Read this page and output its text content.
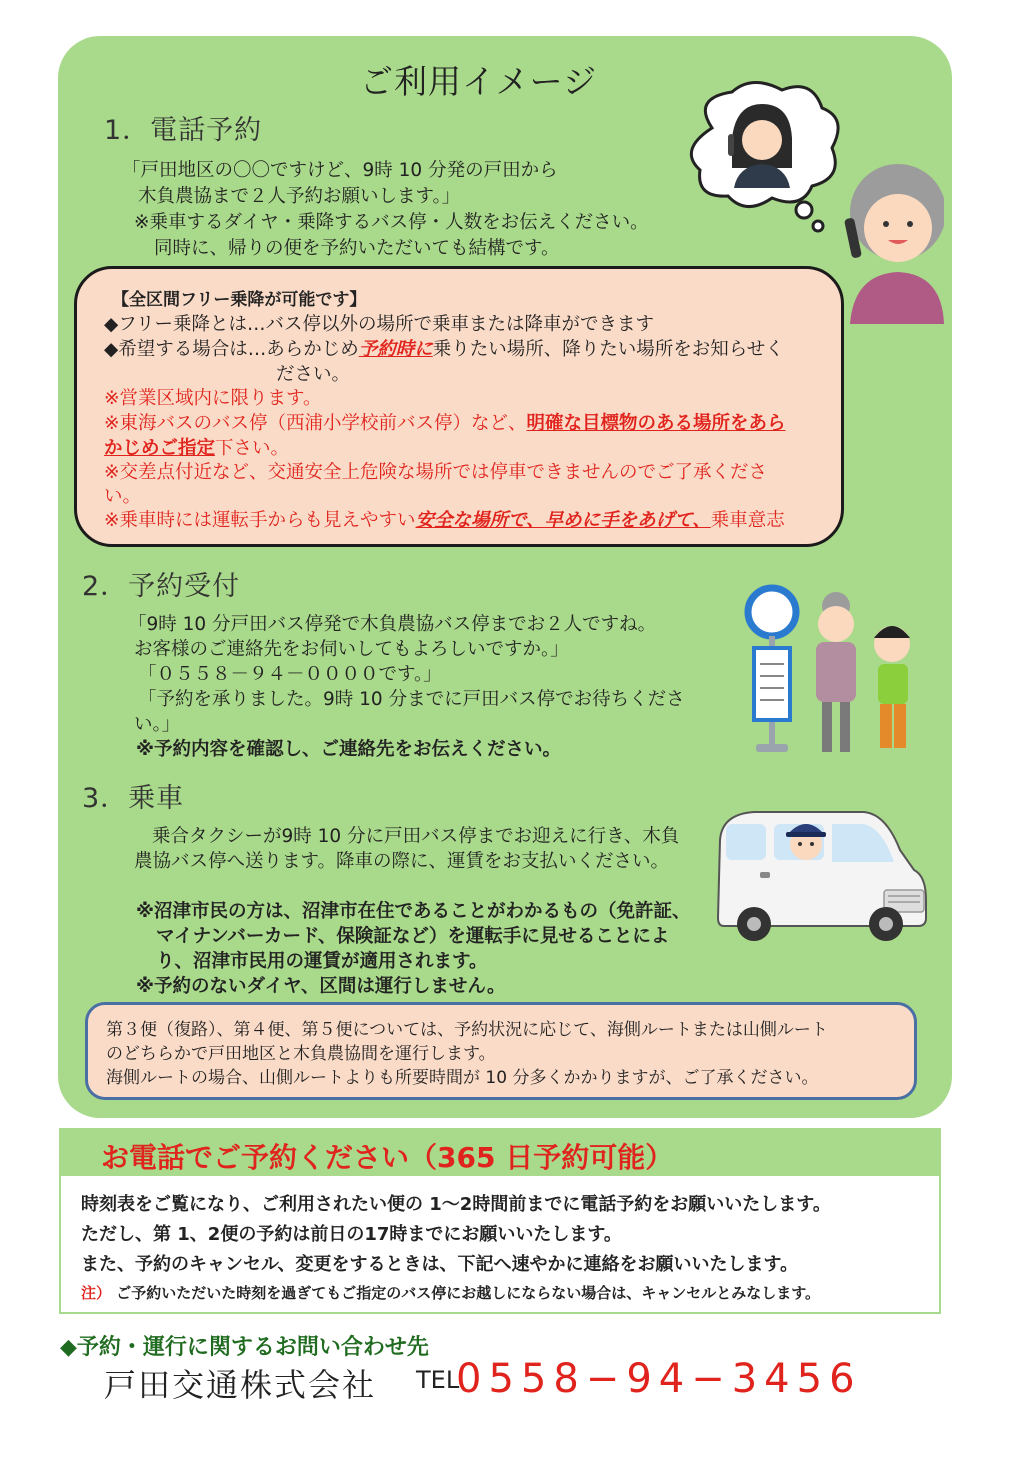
ご利用イメージ
1．電話予約
「戸田地区の〇〇ですけど、9時 10 分発の戸田から
木負農協まで２人予約お願いします。」
※乗車するダイヤ・乗降するバス停・人数をお伝えください。
同時に、帰りの便を予約いただいても結構です。
【全区間フリー乗降が可能です】
◆フリー乗降とは…バス停以外の場所で乗車または降車ができます
◆希望する場合は…あらかじめ予約時に乗りたい場所、降りたい場所をお知らせく
ださい。
※営業区域内に限ります。
※東海バスのバス停（西浦小学校前バス停）など、明確な目標物のある場所をあら
かじめご指定下さい。
※交差点付近など、交通安全上危険な場所では停車できませんのでご了承くださ
い。
※乗車時には運転手からも見えやすい安全な場所で、早めに手をあげて、乗車意志
2．予約受付
「9時 10 分戸田バス停発で木負農協バス停までお２人ですね。
お客様のご連絡先をお伺いしてもよろしいですか。」
「０５５８－９４－００００です。」
「予約を承りました。9時 10 分までに戸田バス停でお待ちくださ
い。」
※予約内容を確認し、ご連絡先をお伝えください。
3．乗車
乗合タクシーが9時 10 分に戸田バス停までお迎えに行き、木負
農協バス停へ送ります。降車の際に、運賃をお支払いください。
※沼津市民の方は、沼津市在住であることがわかるもの（免許証、
マイナンバーカード、保険証など）を運転手に見せることによ
り、沼津市民用の運賃が適用されます。
※予約のないダイヤ、区間は運行しません。
第３便（復路）、第４便、第５便については、予約状況に応じて、海側ルートまたは山側ルート
のどちらかで戸田地区と木負農協間を運行します。
海側ルートの場合、山側ルートよりも所要時間が 10 分多くかかりますが、ご了承ください。
お電話でご予約ください（365 日予約可能）
時刻表をご覧になり、ご利用されたい便の 1～2時間前までに電話予約をお願いいたします。
ただし、第 1、2便の予約は前日の17時までにお願いいたします。
また、予約のキャンセル、変更をするときは、下記へ速やかに連絡をお願いいたします。
注） ご予約いただいた時刻を過ぎてもご指定のバス停にお越しにならない場合は、キャンセルとみなします。
◆予約・運行に関するお問い合わせ先
戸田交通株式会社 TEL
0558−94−3456
